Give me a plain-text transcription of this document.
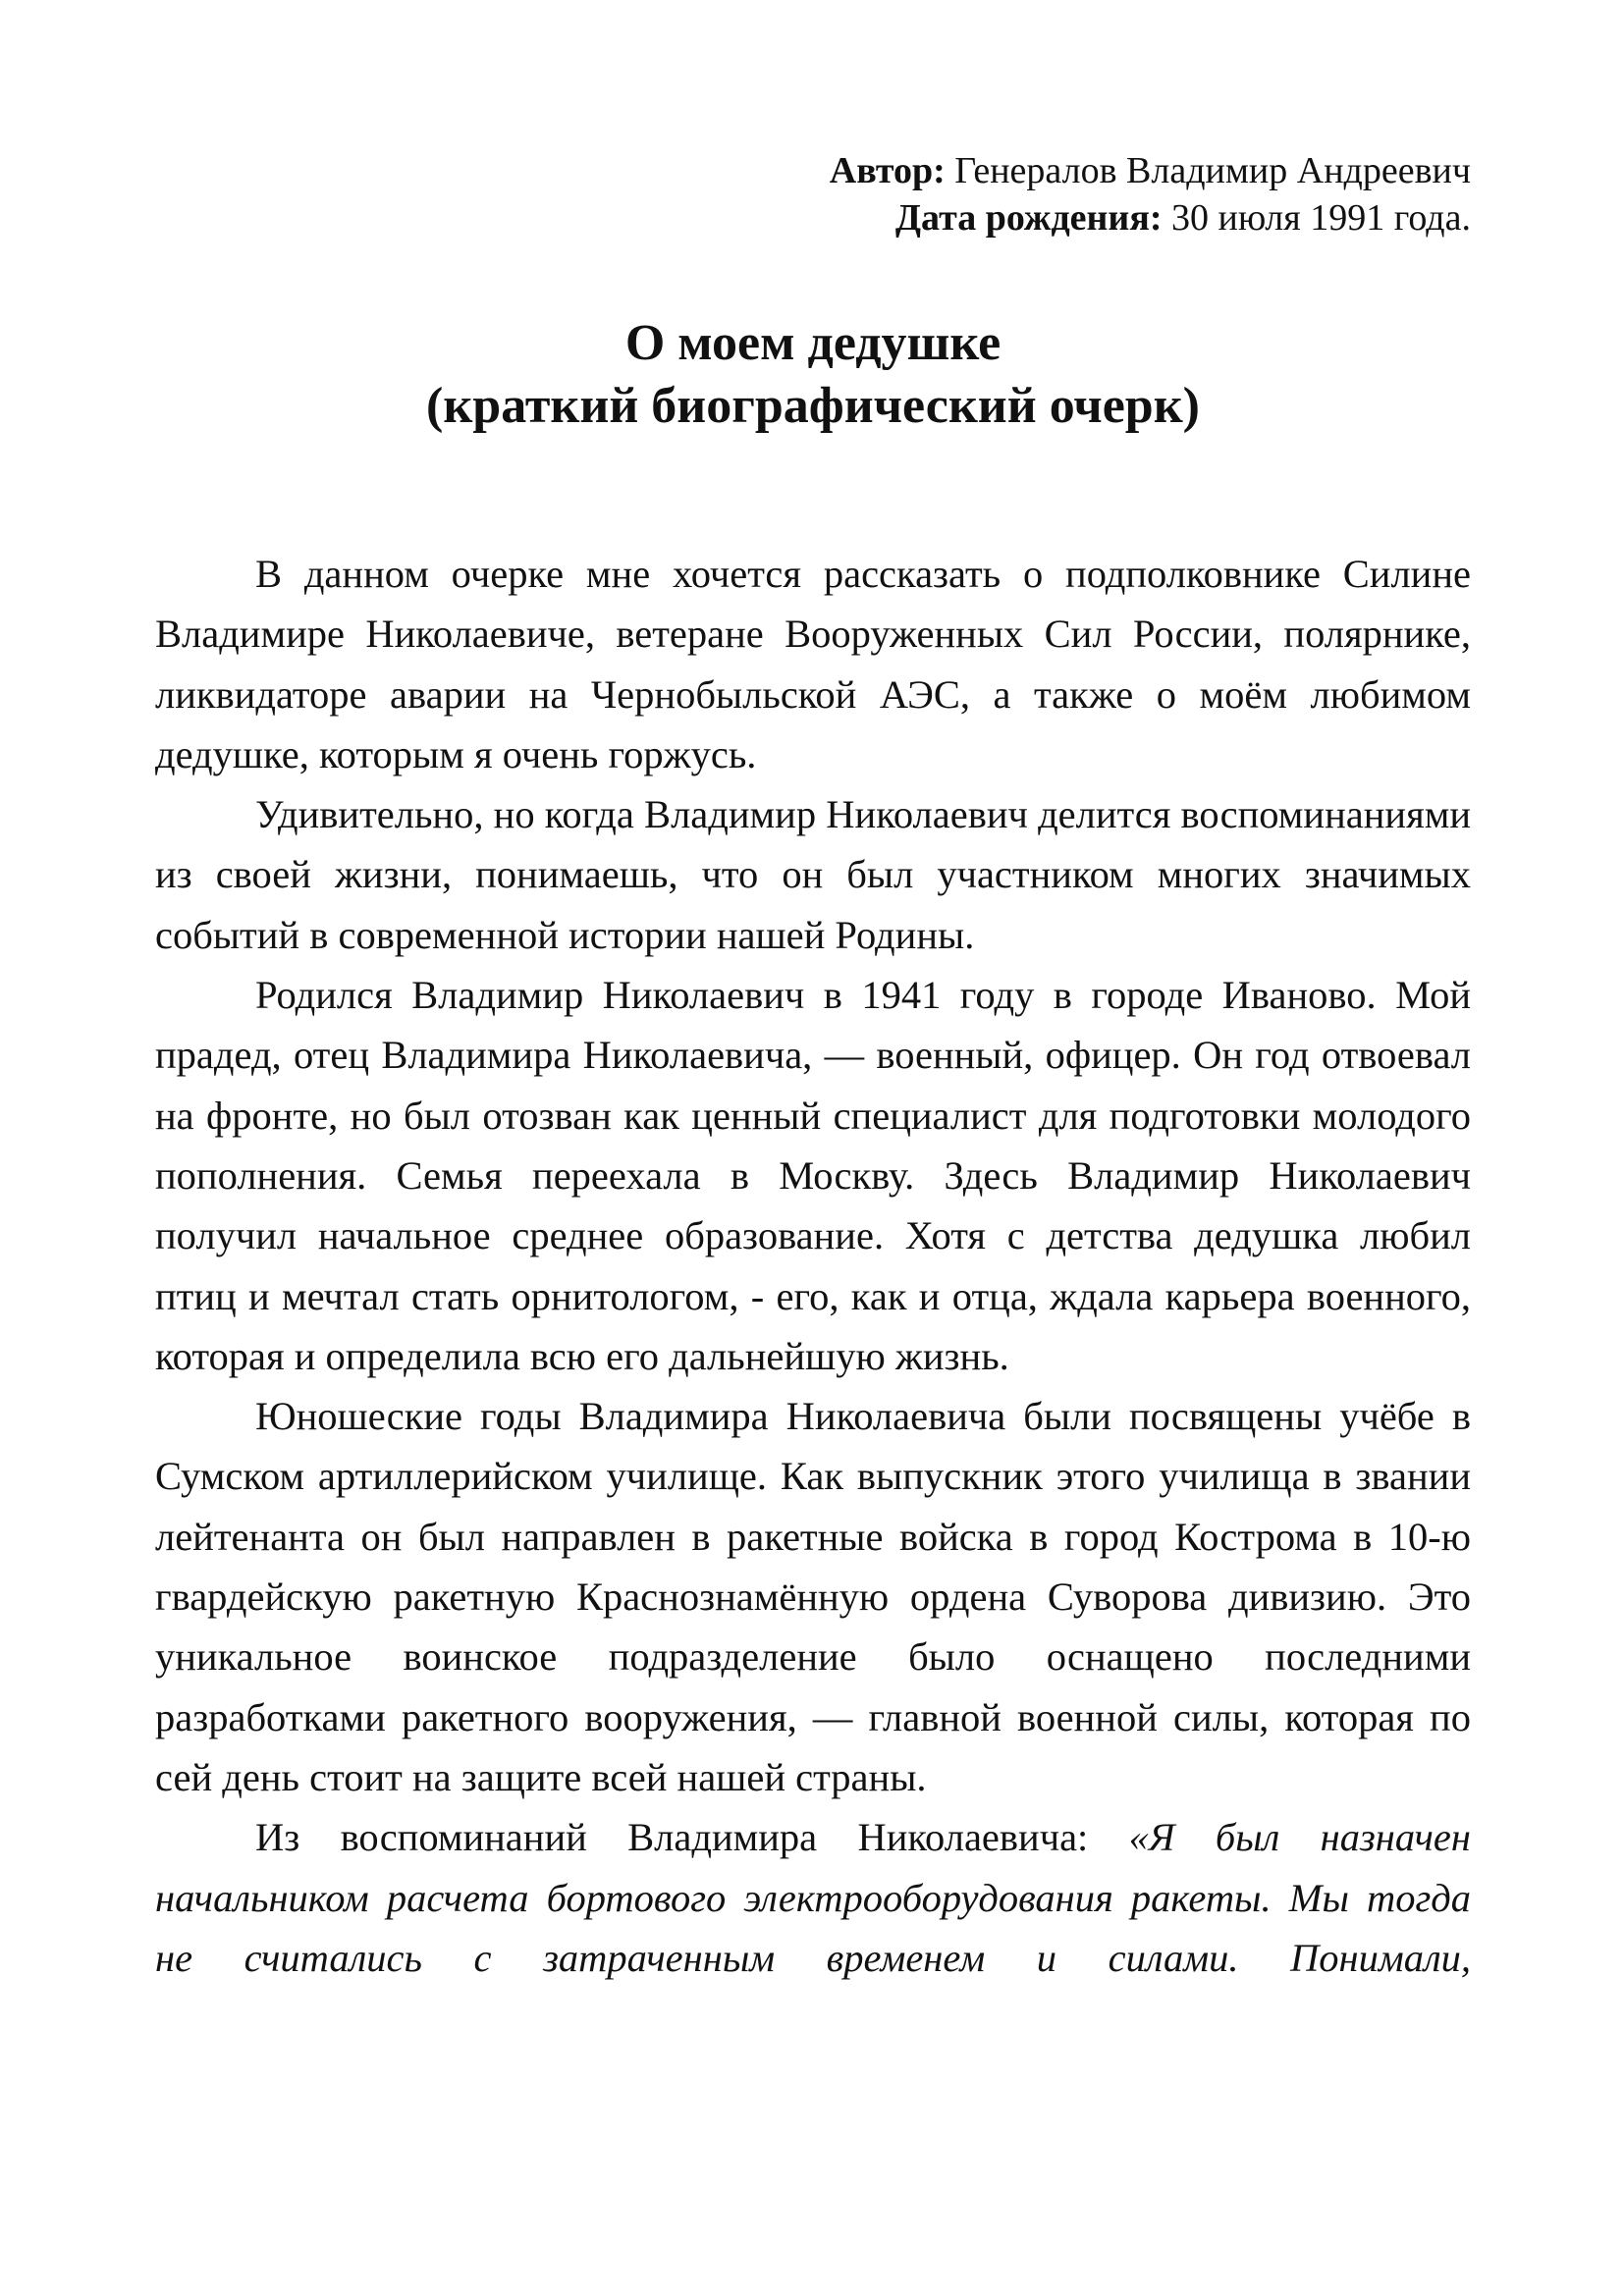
Автор: Генералов Владимир Андреевич
Дата рождения: 30 июля 1991 года.
О моем дедушке
(краткий биографический очерк)

В данном очерке мне хочется рассказать о подполковнике Силине Владимире Николаевиче, ветеране Вооруженных Сил России, полярнике, ликвидаторе аварии на Чернобыльской АЭС, а также о моём любимом дедушке, которым я очень горжусь.

Удивительно, но когда Владимир Николаевич делится воспоминаниями из своей жизни, понимаешь, что он был участником многих значимых событий в современной истории нашей Родины.

Родился Владимир Николаевич в 1941 году в городе Иваново. Мой прадед, отец Владимира Николаевича, — военный, офицер. Он год отвоевал на фронте, но был отозван как ценный специалист для подготовки молодого пополнения. Семья переехала в Москву. Здесь Владимир Николаевич получил начальное среднее образование. Хотя с детства дедушка любил птиц и мечтал стать орнитологом, - его, как и отца, ждала карьера военного, которая и определила всю его дальнейшую жизнь.

Юношеские годы Владимира Николаевича были посвящены учёбе в Сумском артиллерийском училище. Как выпускник этого училища в звании лейтенанта он был направлен в ракетные войска в город Кострома в 10-ю гвардейскую ракетную Краснознамённую ордена Суворова дивизию. Это уникальное воинское подразделение было оснащено последними разработками ракетного вооружения, — главной военной силы, которая по сей день стоит на защите всей нашей страны.

Из воспоминаний Владимира Николаевича: «Я был назначен начальником расчета бортового электрооборудования ракеты. Мы тогда не считались с затраченным временем и силами. Понимали,
